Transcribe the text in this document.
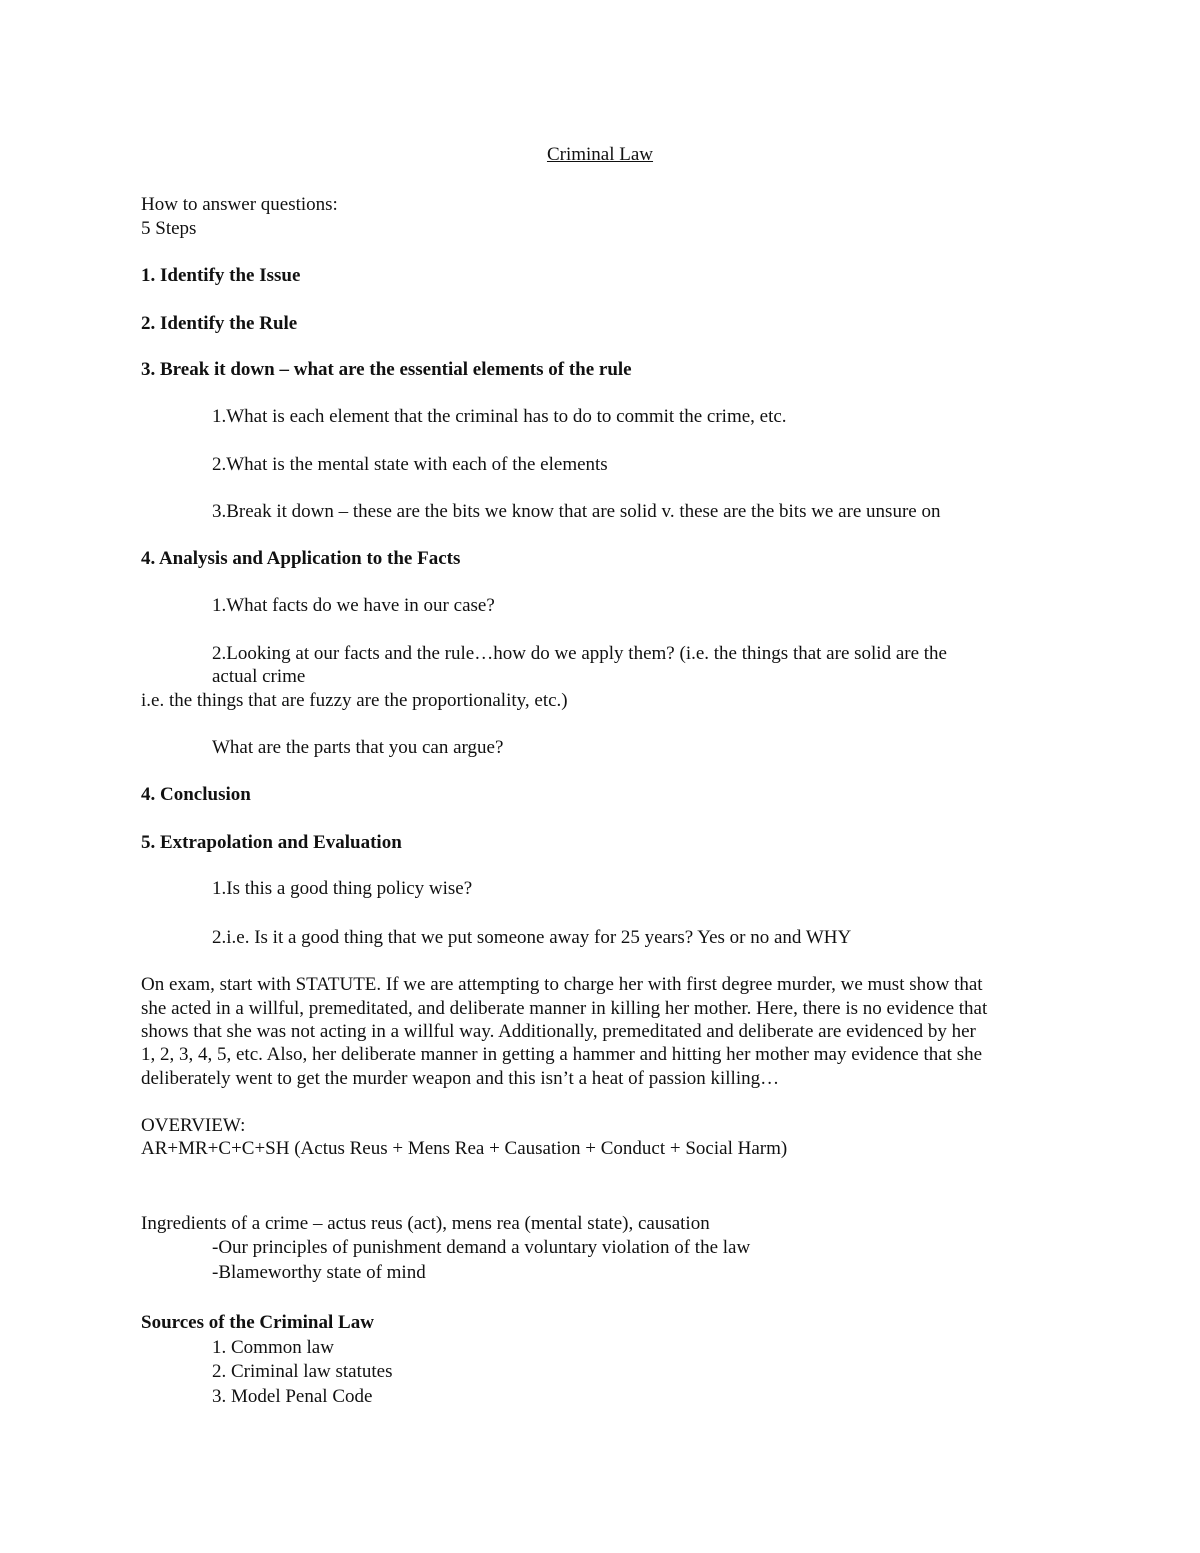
Criminal Law
How to answer questions:
5 Steps
1. Identify the Issue
2. Identify the Rule
3. Break it down – what are the essential elements of the rule
1.What is each element that the criminal has to do to commit the crime, etc.
2.What is the mental state with each of the elements
3.Break it down – these are the bits we know that are solid v. these are the bits we are unsure on
4. Analysis and Application to the Facts
1.What facts do we have in our case?
2.Looking at our facts and the rule…how do we apply them? (i.e. the things that are solid are the
actual crime
i.e. the things that are fuzzy are the proportionality, etc.)
What are the parts that you can argue?
4. Conclusion
5. Extrapolation and Evaluation
1.Is this a good thing policy wise?
2.i.e. Is it a good thing that we put someone away for 25 years? Yes or no and WHY
On exam, start with STATUTE. If we are attempting to charge her with first degree murder, we must show that
she acted in a willful, premeditated, and deliberate manner in killing her mother. Here, there is no evidence that
shows that she was not acting in a willful way. Additionally, premeditated and deliberate are evidenced by her
1, 2, 3, 4, 5, etc. Also, her deliberate manner in getting a hammer and hitting her mother may evidence that she
deliberately went to get the murder weapon and this isn’t a heat of passion killing…
OVERVIEW:
AR+MR+C+C+SH (Actus Reus + Mens Rea + Causation + Conduct + Social Harm)
Ingredients of a crime – actus reus (act), mens rea (mental state), causation
-Our principles of punishment demand a voluntary violation of the law
-Blameworthy state of mind
Sources of the Criminal Law
1. Common law
2. Criminal law statutes
3. Model Penal Code
